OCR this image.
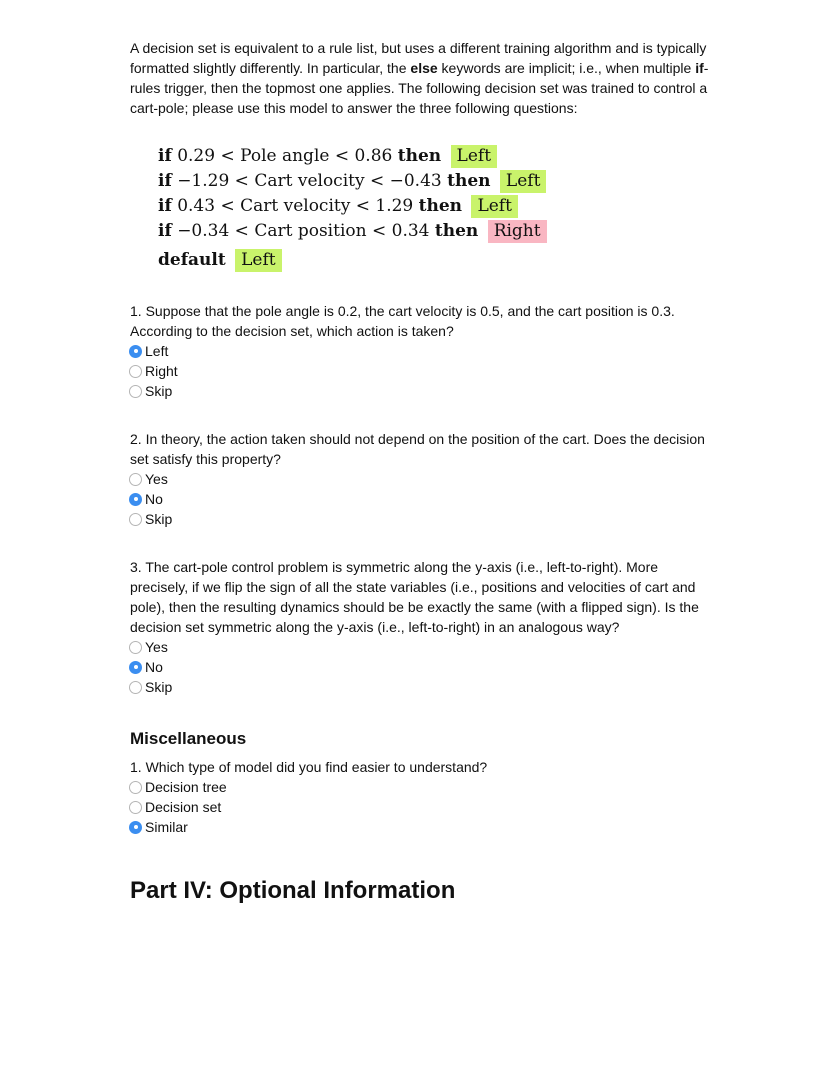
A decision set is equivalent to a rule list, but uses a different training algorithm and is typically formatted slightly differently. In particular, the else keywords are implicit; i.e., when multiple if-rules trigger, then the topmost one applies. The following decision set was trained to control a cart-pole; please use this model to answer the three following questions:

if 0.29 < Pole angle < 0.86 then Left
if −1.29 < Cart velocity < −0.43 then Left
if 0.43 < Cart velocity < 1.29 then Left
if −0.34 < Cart position < 0.34 then Right
default Left

1. Suppose that the pole angle is 0.2, the cart velocity is 0.5, and the cart position is 0.3. According to the decision set, which action is taken?

Left
Right
Skip

2. In theory, the action taken should not depend on the position of the cart. Does the decision set satisfy this property?

Yes
No
Skip

3. The cart-pole control problem is symmetric along the y-axis (i.e., left-to-right). More precisely, if we flip the sign of all the state variables (i.e., positions and velocities of cart and pole), then the resulting dynamics should be be exactly the same (with a flipped sign). Is the decision set symmetric along the y-axis (i.e., left-to-right) in an analogous way?

Yes
No
Skip
Miscellaneous

1. Which type of model did you find easier to understand?

Decision tree
Decision set
Similar
Part IV: Optional Information
